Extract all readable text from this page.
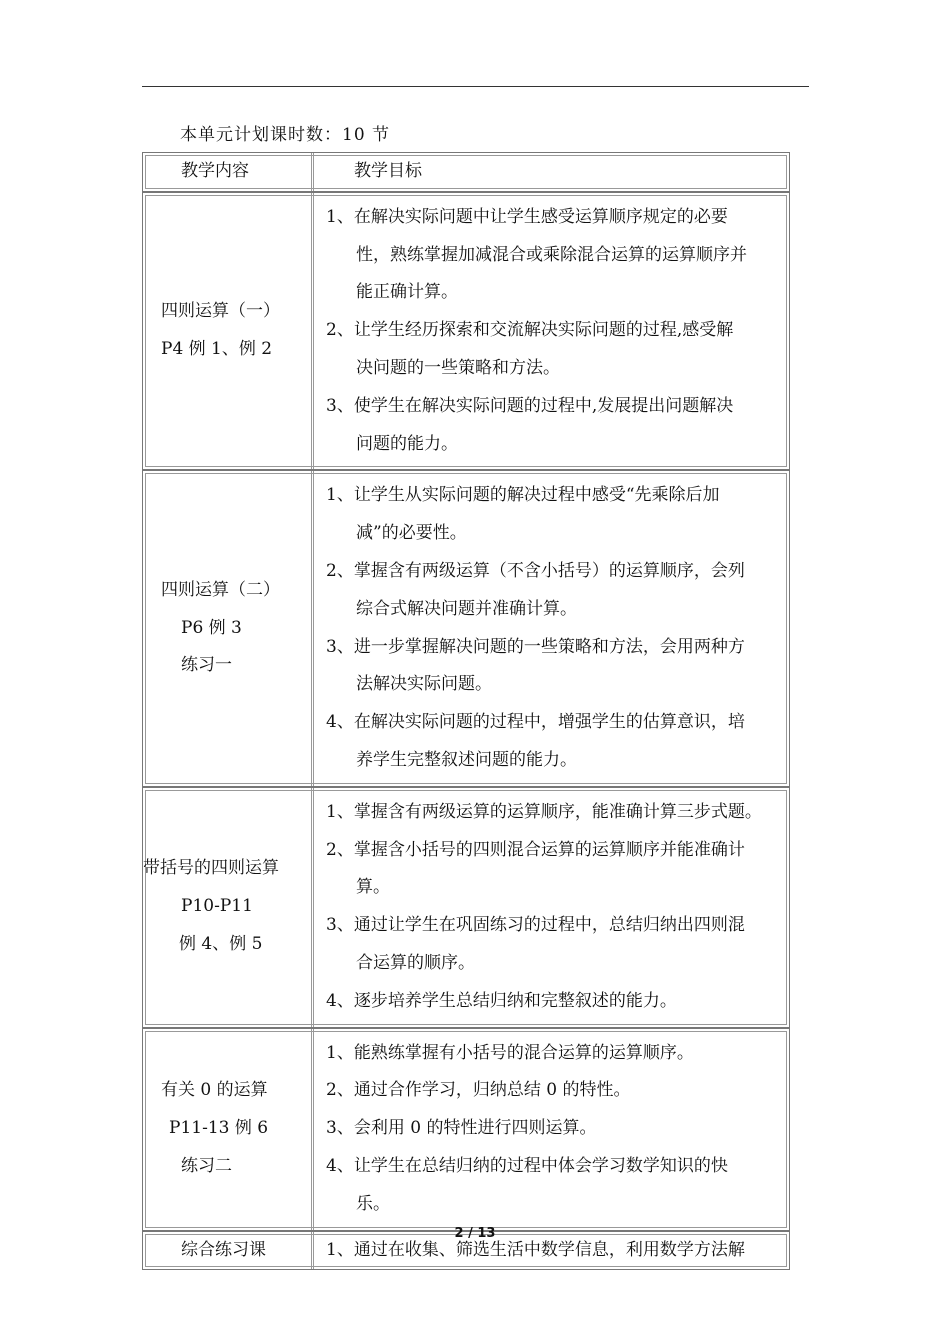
本单元计划课时数：10 节
教学内容	教学目标
四则运算（一）
P4 例 1、例 2
1、在解决实际问题中让学生感受运算顺序规定的必要
性，熟练掌握加减混合或乘除混合运算的运算顺序并
能正确计算。
2、让学生经历探索和交流解决实际问题的过程,感受解
决问题的一些策略和方法。
3、使学生在解决实际问题的过程中,发展提出问题解决
问题的能力。
四则运算（二）
P6 例 3
练习一
1、让学生从实际问题的解决过程中感受“先乘除后加
减”的必要性。
2、掌握含有两级运算（不含小括号）的运算顺序，会列
综合式解决问题并准确计算。
3、进一步掌握解决问题的一些策略和方法，会用两种方
法解决实际问题。
4、在解决实际问题的过程中，增强学生的估算意识，培
养学生完整叙述问题的能力。
带括号的四则运算
P10-P11
例 4、例 5
1、掌握含有两级运算的运算顺序，能准确计算三步式题。
2、掌握含小括号的四则混合运算的运算顺序并能准确计
算。
3、通过让学生在巩固练习的过程中，总结归纳出四则混
合运算的顺序。
4、逐步培养学生总结归纳和完整叙述的能力。
有关 0 的运算
P11-13 例 6
练习二
1、能熟练掌握有小括号的混合运算的运算顺序。
2、通过合作学习，归纳总结 0 的特性。
3、会利用 0 的特性进行四则运算。
4、让学生在总结归纳的过程中体会学习数学知识的快
乐。
综合练习课	1、通过在收集、筛选生活中数学信息，利用数学方法解
2 / 13
